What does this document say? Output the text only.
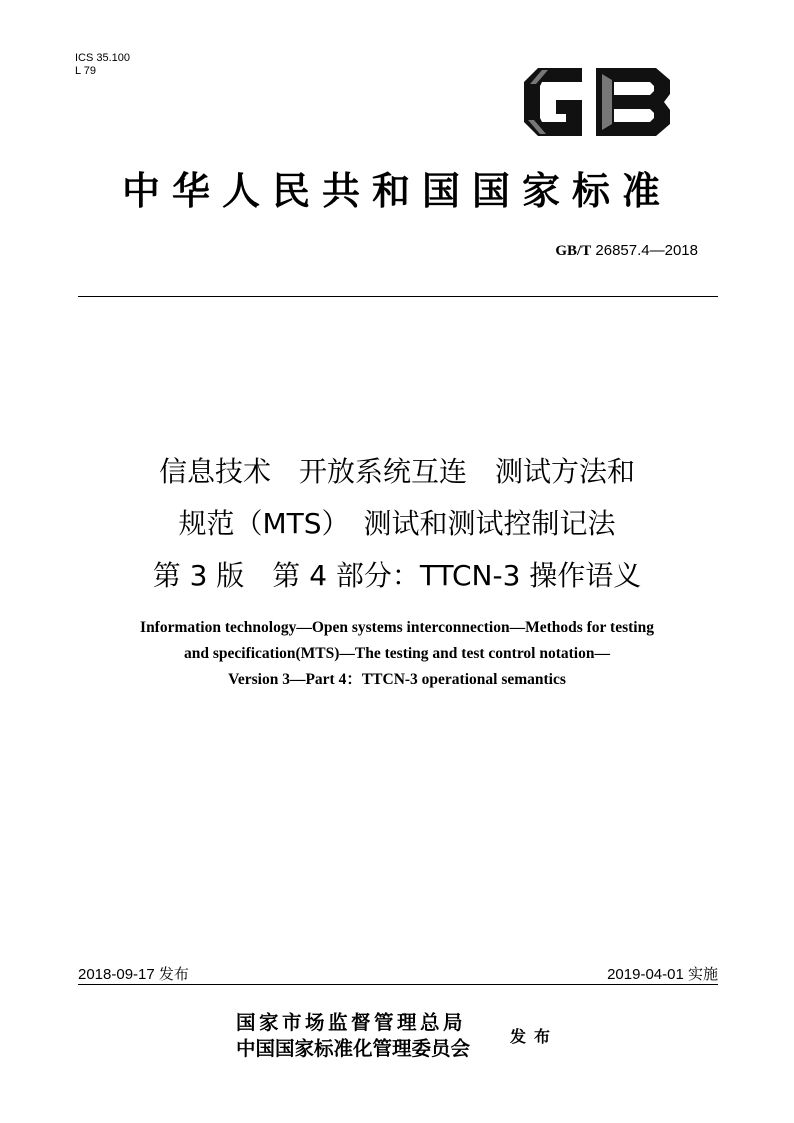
ICS 35.100
L 79
中华人民共和国国家标准
GB/T 26857.4—2018
信息技术　开放系统互连　测试方法和
规范（MTS）　测试和测试控制记法
第 3 版　第 4 部分：TTCN-3 操作语义
Information technology—Open systems interconnection—Methods for testing
and specification(MTS)—The testing and test control notation—
Version 3—Part 4：TTCN-3 operational semantics
2018-09-17 发布	2019-04-01 实施
国家市场监督管理总局
中国国家标准化管理委员会
发布
